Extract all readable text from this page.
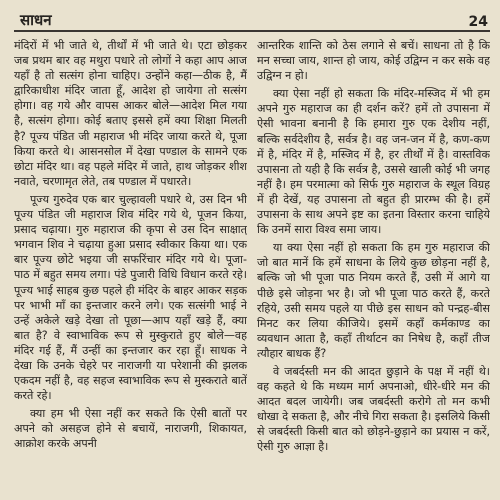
साधन	24

मंदिरों में भी जाते थे, तीर्थों में भी जाते थे। एटा छोड़कर जब प्रथम बार वह मथुरा पधारे तो लोगों ने कहा आप आज यहाँ है तो सत्संग होना चाहिए। उन्होंने कहा—ठीक है, मैं द्वारिकाधीश मंदिर जाता हूँ, आदेश हो जायेगा तो सत्संग होगा। वह गये और वापस आकर बोले—आदेश मिल गया है, सत्संग होगा। कोई बताए इससे हमें क्या शिक्षा मिलती है? पूज्य पंडित जी महाराज भी मंदिर जाया करते थे, पूजा किया करते थे। आसनसोल में देखा पण्डाल के सामने एक छोटा मंदिर था। वह पहले मंदिर में जाते, हाथ जोड़कर शीश नवाते, चरणामृत लेते, तब पण्डाल में पधारते।

पूज्य गुरुदेव एक बार चुल्हावली पधारे थे, उस दिन भी पूज्य पंडित जी महाराज शिव मंदिर गये थे, पूजन किया, प्रसाद चढ़ाया। गुरु महाराज की कृपा से उस दिन साक्षात् भगवान शिव ने चढ़ाया हुआ प्रसाद स्वीकार किया था। एक बार पूज्य छोटे भइया जी सफरिंचार मंदिर गये थे। पूजा-पाठ में बहुत समय लगा। पंडे पुजारी विधि विधान करते रहे। पूज्य भाई साहब कुछ पहले ही मंदिर के बाहर आकर सड़क पर भाभी माँ का इन्तजार करने लगे। एक सत्संगी भाई ने उन्हें अकेले खड़े देखा तो पूछा—आप यहाँ खड़े हैं, क्या बात है? वे स्वाभाविक रूप से मुस्कुराते हुए बोले—वह मंदिर गई हैं, मैं उन्हीं का इन्तजार कर रहा हूँ। साधक ने देखा कि उनके चेहरे पर नाराजगी या परेशानी की झलक एकदम नहीं है, वह सहज स्वाभाविक रूप से मुस्कराते बातें करते रहे।

क्या हम भी ऐसा नहीं कर सकते कि ऐसी बातों पर अपने को असहज होने से बचायें, नाराजगी, शिकायत, आक्रोश करके अपनी

आन्तरिक शान्ति को ठेस लगाने से बचें। साधना तो है कि मन सच्चा जाय, शान्त हो जाय, कोई उद्विग्न न कर सके वह उद्विग्न न हो।

क्या ऐसा नहीं हो सकता कि मंदिर-मस्जिद में भी हम अपने गुरु महाराज का ही दर्शन करें? हमें तो उपासना में ऐसी भावना बनानी है कि हमारा गुरु एक देशीय नहीं, बल्कि सर्वदेशीय है, सर्वत्र है। वह जन-जन में है, कण-कण में है, मंदिर में है, मस्जिद में है, हर तीर्थों में है। वास्तविक उपासना तो यही है कि सर्वत्र है, उससे खाली कोई भी जगह नहीं है। हम परमात्मा को सिर्फ गुरु महाराज के स्थूल विग्रह में ही देखें, यह उपासना तो बहुत ही प्रारम्भ की है। हमें उपासना के साथ अपने इष्ट का इतना विस्तार करना चाहिये कि उनमें सारा विश्व समा जाय।

या क्या ऐसा नहीं हो सकता कि हम गुरु महाराज की जो बात मानें कि हमें साधना के लिये कुछ छोड़ना नहीं है, बल्कि जो भी पूजा पाठ नियम करते हैं, उसी में आगे या पीछे इसे जोड़ना भर है। जो भी पूजा पाठ करते हैं, करते रहिये, उसी समय पहले या पीछे इस साधन को पन्द्रह-बीस मिनट कर लिया कीजिये। इसमें कहाँ कर्मकाण्ड का व्यवधान आता है, कहाँ तीर्थाटन का निषेध है, कहाँ तीज त्यौहार बाधक हैं?

वे जबर्दस्ती मन की आदत छुड़ाने के पक्ष में नहीं थे। वह कहते थे कि मध्यम मार्ग अपनाओ, धीरे-धीरे मन की आदत बदल जायेगी। जब जबर्दस्ती करोगे तो मन कभी धोखा दे सकता है, और नीचे गिरा सकता है। इसलिये किसी से जबर्दस्ती किसी बात को छोड़ने-छुड़ाने का प्रयास न करें, ऐसी गुरु आज्ञा है।
